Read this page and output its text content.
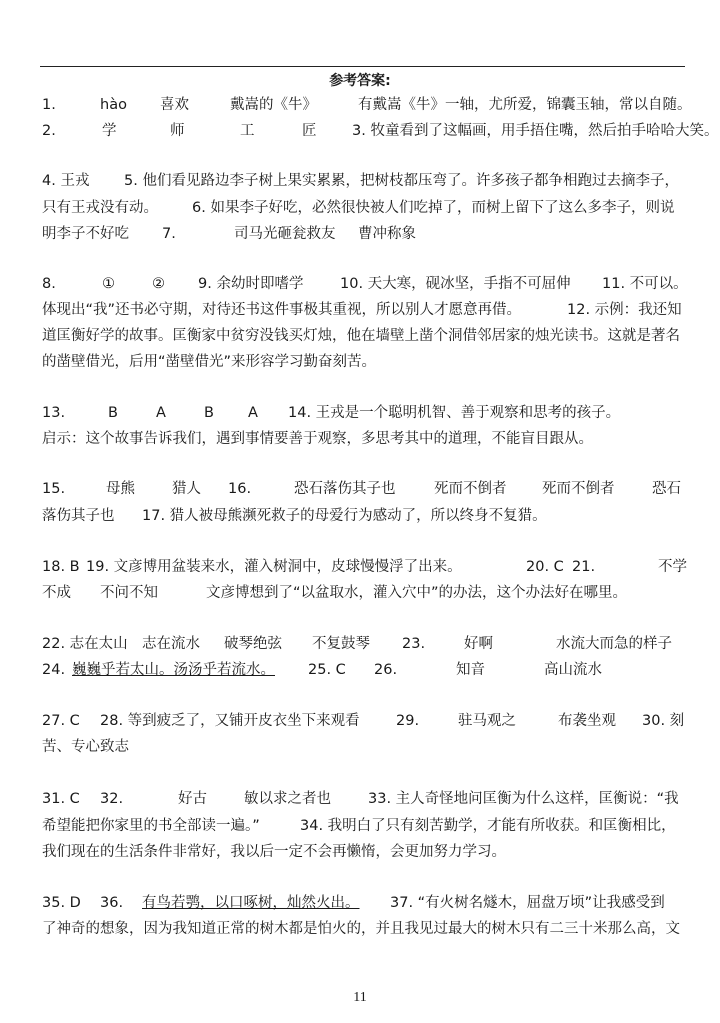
参考答案:
1.	hào 喜欢	戴嵩的《牛》	有戴嵩《牛》一轴，尤所爱，锦囊玉轴，常以自随。
2.	学	师	工	匠 3. 牧童看到了这幅画，用手捂住嘴，然后拍手哈哈大笑。
4. 王戎 5. 他们看见路边李子树上果实累累，把树枝都压弯了。许多孩子都争相跑过去摘李子，
只有王戎没有动。 6. 如果李子好吃，必然很快被人们吃掉了，而树上留下了这么多李子，则说
明李子不好吃 7.	司马光砸瓮救友 曹冲称象
8.	①	② 9. 余幼时即嗜学	10. 天大寒，砚冰坚，手指不可屈伸 11. 不可以。
体现出“我”还书必守期，对待还书这件事极其重视，所以别人才愿意再借。	12. 示例：我还知
道匡衡好学的故事。匡衡家中贫穷没钱买灯烛，他在墙壁上凿个洞借邻居家的烛光读书。这就是著名
的凿壁借光，后用“凿壁借光”来形容学习勤奋刻苦。
13.	B	A	B A 14. 王戎是一个聪明机智、善于观察和思考的孩子。
启示：这个故事告诉我们，遇到事情要善于观察，多思考其中的道理，不能盲目跟从。
15.	母熊	猎人 16.	恐石落伤其子也	死而不倒者 死而不倒者	恐石
落伤其子也 17. 猎人被母熊濒死救子的母爱行为感动了，所以终身不复猎。
18. B 19. 文彦博用盆装来水，灌入树洞中，皮球慢慢浮了出来。	20. C 21.	不学
不成 不问不知	文彦博想到了“以盆取水，灌入穴中”的办法，这个办法好在哪里。
22. 志在太山 志在流水 破琴绝弦 不复鼓琴 23.	好啊	水流大而急的样子
24. 巍巍乎若太山。汤汤乎若流水。 25. C 26.	知音	高山流水
27. C 28. 等到疲乏了，又铺开皮衣坐下来观看	29.	驻马观之	布袭坐观 30. 刻
苦、专心致志
31. C 32.	好古	敏以求之者也	33. 主人奇怪地问匡衡为什么这样，匡衡说：“我
希望能把你家里的书全部读一遍。”	34. 我明白了只有刻苦勤学，才能有所收获。和匡衡相比，
我们现在的生活条件非常好，我以后一定不会再懒惰，会更加努力学习。
35. D 36. 有鸟若鹗，以口啄树，灿然火出。 37. “有火树名燧木，屈盘万顷”让我感受到
了神奇的想象，因为我知道正常的树木都是怕火的，并且我见过最大的树木只有二三十米那么高，文
11
